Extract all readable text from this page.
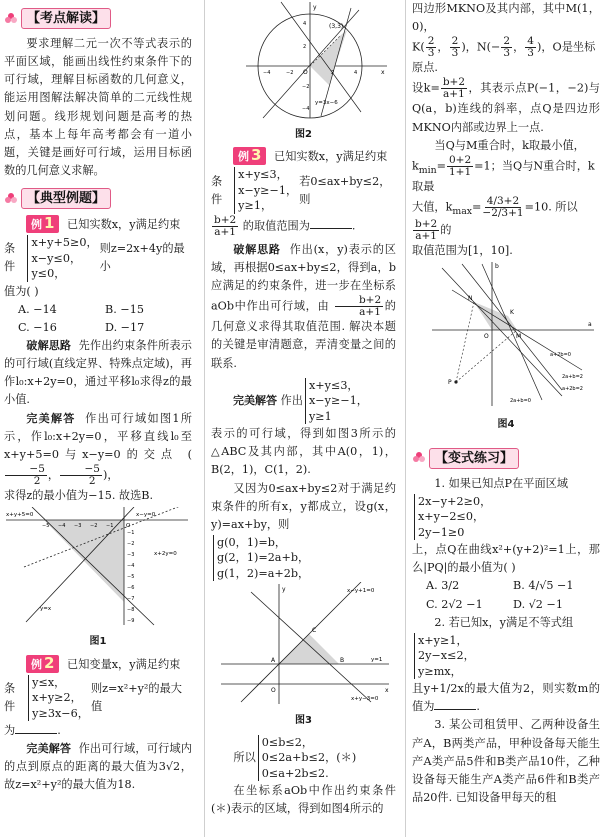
【考点解读】

要求理解二元一次不等式表示的平面区域，能画出线性约束条件下的可行域，理解目标函数的几何意义，能运用图解法解决简单的二元线性规划问题。线形规划问题是高考的热点，基本上每年高考都会有一道小题，关键是画好可行域，运用目标函数的几何意义求解。

【典型例题】
例 1 已知实数x，y满足约束
条件
x+y+5≥0，
x−y≤0，
y≤0，
则z=2x+4y的最小
值为( )
A. −14	B. −15
C. −16	D. −17

破解思路 先作出约束条件所表示的可行域(直线定界、特殊点定域)，再作l₀:x+2y=0，通过平移l₀求得z的最小值.

完美解答 作出可行域如图1所示，作l₀:x+2y=0，平移直线l₀至x+y+5=0与x−y=0的交点 (
$\frac{-5}{2}$ ， $\frac{-5}{2}$ )，

求得z的最小值为−15. 故选B.

x+y+5=0	x−y=0
x+2y=0
y=x
O
−5 −4 −3 −2 −1
−1
−2
−3
−4
−5
−6
−7
−8
−9
图1
例 2 已知变量x，y满足约束
条件
y≤x，
x+y≥2，
y≥3x−6，
则z=x²+y²的最大值
为	.

完美解答 作出可行域，可行域内的点到原点的距离的最大值为3√2，故z=x²+y²的最大值为18.

(3,3)
O
y=3x−6
x
y
−4	−2	2	4
4
2
−2
−4
图2
例 3 已知实数x，y满足约束
条件
x+y≤3，
x−y≥−1，
y≥1，
若0≤ax+by≤2，则
$\frac{b+2}{a+1}$ 的取值范围为	.

破解思路 作出(x，y)表示的区域，再根据0≤ax+by≤2，得到a，b应满足的约束条件，进一步在坐标系aOb中作出可行域，由 $\frac{b+2}{a+1}$ 的几何意义求得其取值范围. 解决本题的关键是审清题意，弄清变量之间的联系.

完美解答 作出
x+y≤3，
x−y≥−1，
y≥1

表示的可行域，得到如图3所示的△ABC及其内部，其中A(0，1)，B(2，1)，C(1，2).

又因为0≤ax+by≤2对于满足约束条件的所有x，y都成立，设g(x，y)=ax+by，则

g(0，1)=b，
g(2，1)=2a+b，
g(1，2)=a+2b，
x−y+1=0
y=1
x+y−3=0
A	B
C
O	x
y
图3
所以
0≤b≤2，
0≤2a+b≤2，(＊)
0≤a+2b≤2.

在坐标系aOb中作出约束条件(＊)表示的区域，得到如图4所示的

四边形MKNO及其内部，其中M(1，0)，

$K( \frac{2}{3}$ ， $\frac{2}{3}$ )，$N(- \frac{2}{3}$ ， $\frac{4}{3}$ )，O是坐标原点.

设$k= \frac{b+2}{a+1}$ ，其表示点P(−1，−2)与Q(a，b)连线的斜率，点Q是四边形MKNO内部或边界上一点.

当Q与M重合时，k取最小值，

$k_{min}= \frac{0+2}{1+1} =1$；当Q与N重合时，k取最
大值，$k_{max}= \frac{4/3+2}{-2/3+1} =10$. 所以
$\frac{b+2}{a+1}$ 的

取值范围为[1，10].

N
K
M
O
P
a
b
a+2b=0
2a+b=2
a+2b=2
2a+b=0
图4
【变式练习】

1. 如果已知点P在平面区域

2x−y+2≥0，
x+y−2≤0，
2y−1≥0

上，点Q在曲线x²+(y+2)²=1上，那么|PQ|的最小值为( )

A. 3/2	B. 4/√5 −1
C. 2√2 −1	D. √2 −1

2. 若已知x，y满足不等式组

x+y≥1，
2y−x≤2，
y≥mx，

且y+1/2x的最大值为2，则实数m的值为	.

3. 某公司租赁甲、乙两种设备生产A，B两类产品，甲种设备每天能生产A类产品5件和B类产品10件，乙种设备每天能生产A类产品6件和B类产品20件. 已知设备甲每天的租
